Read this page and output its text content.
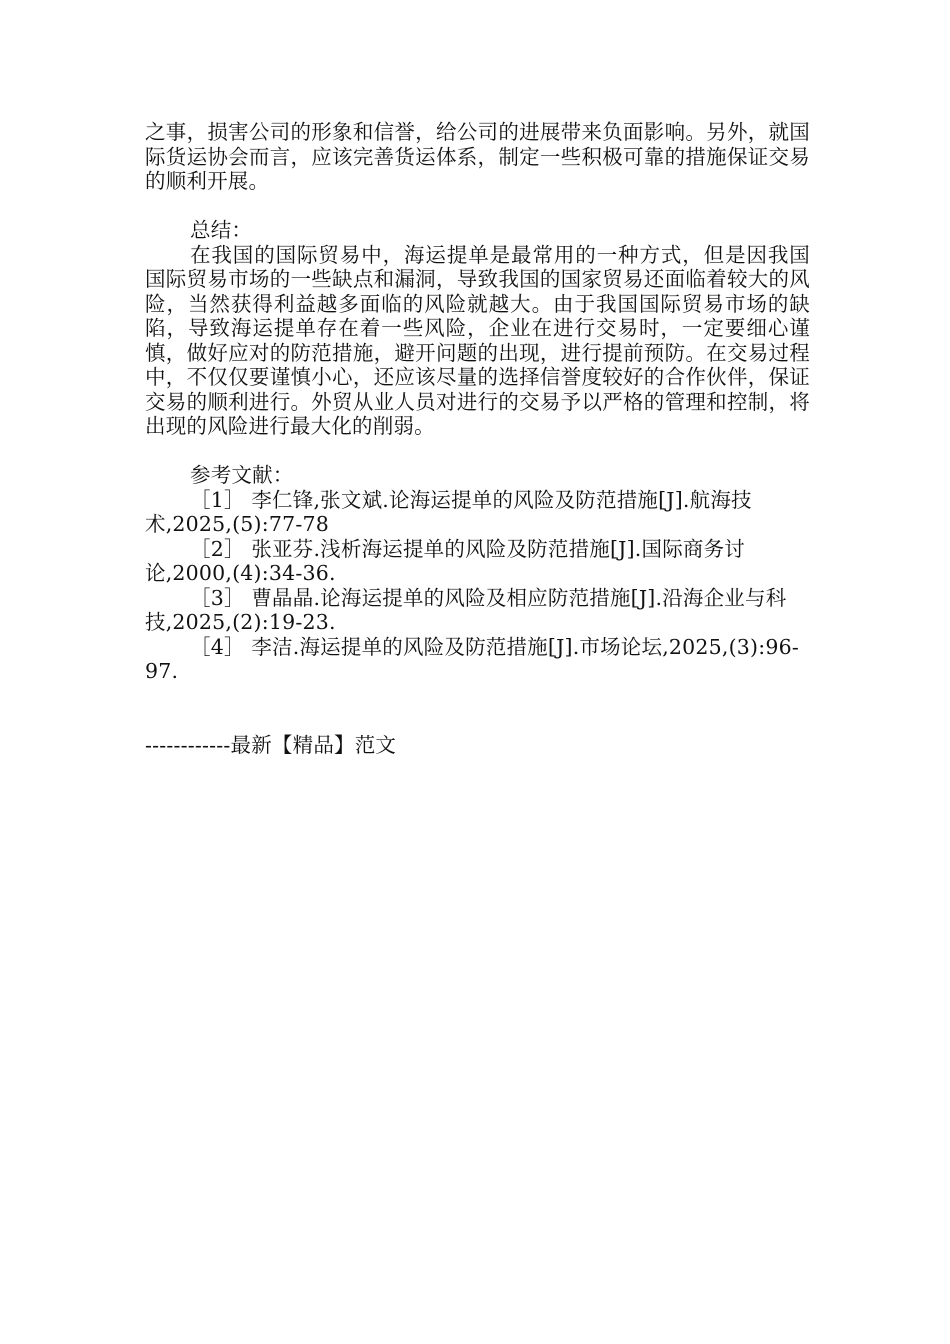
之事，损害公司的形象和信誉，给公司的进展带来负面影响。另外，就国际货运协会而言，应该完善货运体系，制定一些积极可靠的措施保证交易的顺利开展。

总结：

在我国的国际贸易中，海运提单是最常用的一种方式，但是因我国国际贸易市场的一些缺点和漏洞，导致我国的国家贸易还面临着较大的风险，当然获得利益越多面临的风险就越大。由于我国国际贸易市场的缺陷，导致海运提单存在着一些风险，企业在进行交易时，一定要细心谨慎，做好应对的防范措施，避开问题的出现，进行提前预防。在交易过程中，不仅仅要谨慎小心，还应该尽量的选择信誉度较好的合作伙伴，保证交易的顺利进行。外贸从业人员对进行的交易予以严格的管理和控制，将出现的风险进行最大化的削弱。

参考文献：

［1］ 李仁锋,张文斌.论海运提单的风险及防范措施[J].航海技术,2025,(5):77-78

［2］ 张亚芬.浅析海运提单的风险及防范措施[J].国际商务讨论,2000,(4):34-36.

［3］ 曹晶晶.论海运提单的风险及相应防范措施[J].沿海企业与科技,2025,(2):19-23.

［4］ 李洁.海运提单的风险及防范措施[J].市场论坛,2025,(3):96-97.

------------最新【精品】范文
